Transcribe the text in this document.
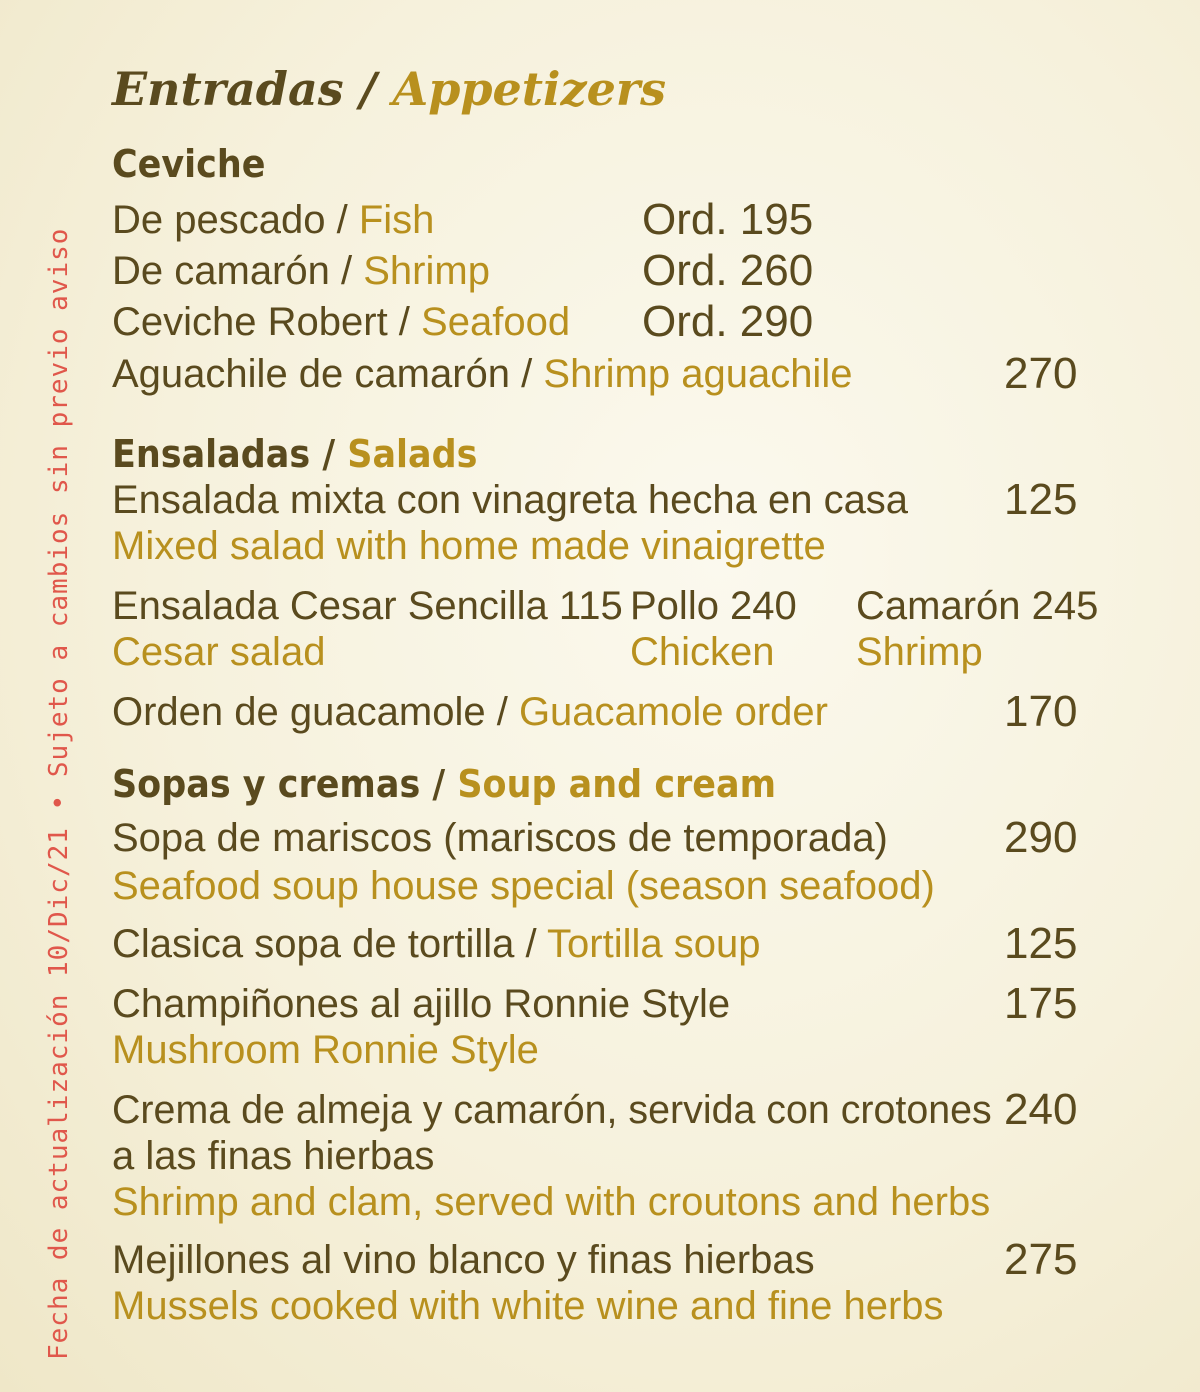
Fecha de actualización 10/Dic/21 • Sujeto a cambios sin previo aviso
Entradas / Appetizers
Ceviche
De pescado / Fish	Ord. 195
De camarón / Shrimp	Ord. 260
Ceviche Robert / Seafood Ord. 290
Aguachile de camarón / Shrimp aguachile	270
Ensaladas / Salads
Ensalada mixta con vinagreta hecha en casa 125
Mixed salad with home made vinaigrette
Ensalada Cesar Sencilla 115 Pollo 240 Camarón 245
Cesar salad	Chicken Shrimp
Orden de guacamole / Guacamole order	170
Sopas y cremas / Soup and cream
Sopa de mariscos (mariscos de temporada)	290
Seafood soup house special (season seafood)
Clasica sopa de tortilla / Tortilla soup	125
Champiñones al ajillo Ronnie Style	175
Mushroom Ronnie Style
Crema de almeja y camarón, servida con crotones 240
a las finas hierbas
Shrimp and clam, served with croutons and herbs
Mejillones al vino blanco y finas hierbas	275
Mussels cooked with white wine and fine herbs
